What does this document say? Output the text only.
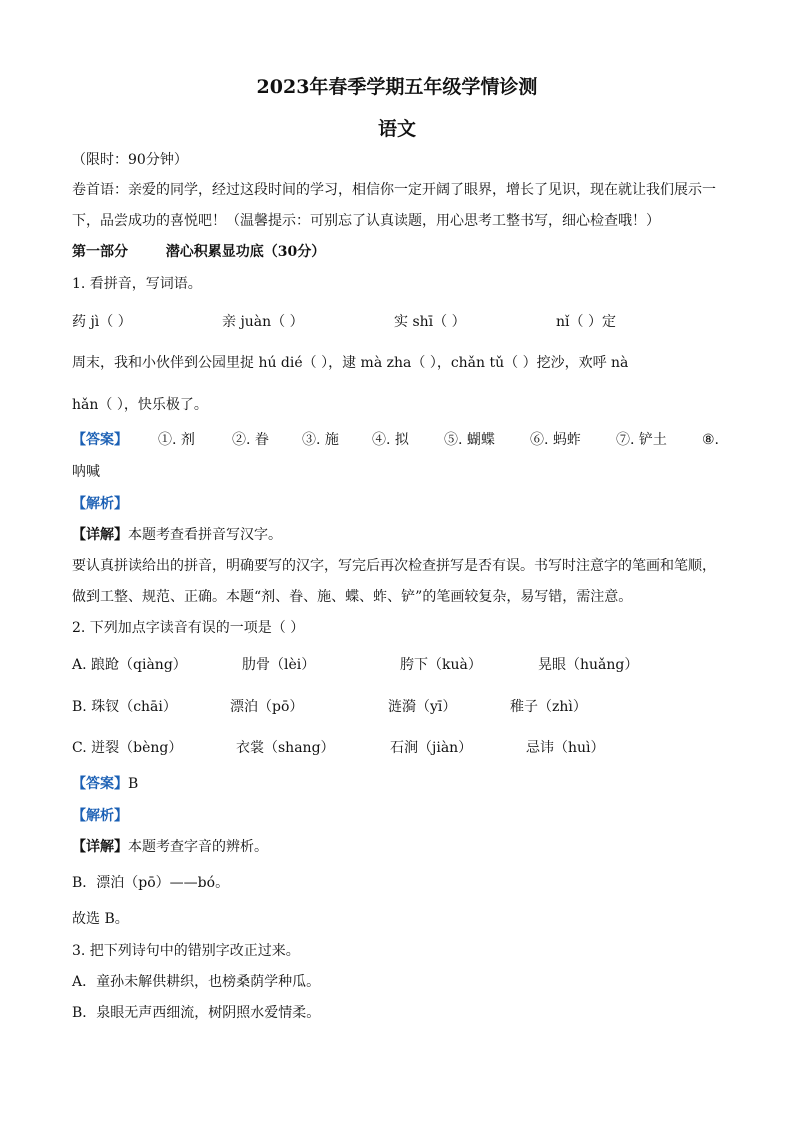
2023年春季学期五年级学情诊测
语文
（限时：90分钟）
卷首语：亲爱的同学，经过这段时间的学习，相信你一定开阔了眼界，增长了见识，现在就让我们展示一
下，品尝成功的喜悦吧！（温馨提示：可别忘了认真读题，用心思考工整书写，细心检查哦！）
第一部分	潜心积累显功底（30分）
1. 看拼音，写词语。
药 jì（ ）	亲 juàn（ ）	实 shī（ ）	nǐ（ ）定
周末，我和小伙伴到公园里捉 hú dié（ ），逮 mà zha（ ），chǎn tǔ（ ）挖沙，欢呼 nà
hǎn（ ），快乐极了。
【答案】 ①. 剂	②. 眷 ③. 施 ④. 拟	⑤. 蝴蝶	⑥. 蚂蚱	⑦. 铲土	⑧.
呐喊
【解析】
【详解】本题考查看拼音写汉字。
要认真拼读给出的拼音，明确要写的汉字，写完后再次检查拼写是否有误。书写时注意字的笔画和笔顺，
做到工整、规范、正确。本题“剂、眷、施、蝶、蚱、铲”的笔画较复杂，易写错，需注意。
2. 下列加点字读音有误的一项是（ ）
A. 踉跄（qiàng）	肋骨（lèi）	胯下（kuà）	晃眼（huǎng）
B. 珠钗（chāi）	漂泊（pō）	涟漪（yī）	稚子（zhì）
C. 迸裂（bèng）	衣裳（shang）	石涧（jiàn）	忌讳（huì）
【答案】B
【解析】
【详解】本题考查字音的辨析。
B．漂泊（pō）——bó。
故选 B。
3. 把下列诗句中的错别字改正过来。
A．童孙未解供耕织，也榜桑荫学种瓜。
B．泉眼无声西细流，树阴照水爱情柔。
